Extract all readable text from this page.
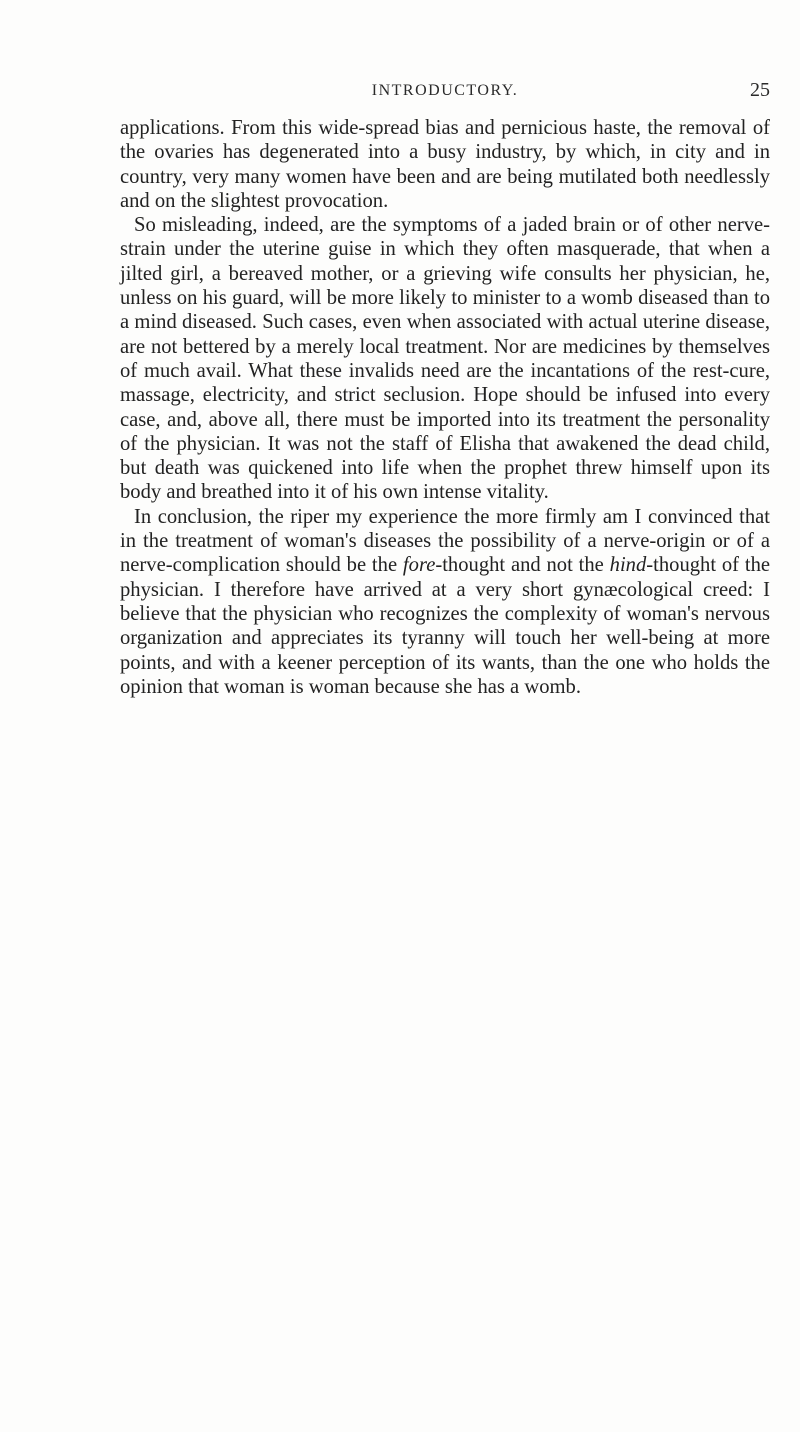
INTRODUCTORY.	25

applications. From this wide-spread bias and pernicious haste, the removal of the ovaries has degenerated into a busy industry, by which, in city and in country, very many women have been and are being mutilated both needlessly and on the slightest provocation.

So misleading, indeed, are the symptoms of a jaded brain or of other nerve-strain under the uterine guise in which they often masquerade, that when a jilted girl, a bereaved mother, or a grieving wife consults her physician, he, unless on his guard, will be more likely to minister to a womb diseased than to a mind diseased. Such cases, even when associated with actual uterine disease, are not bettered by a merely local treatment. Nor are medicines by themselves of much avail. What these invalids need are the incantations of the rest-cure, massage, electricity, and strict seclusion. Hope should be infused into every case, and, above all, there must be imported into its treatment the personality of the physician. It was not the staff of Elisha that awakened the dead child, but death was quickened into life when the prophet threw himself upon its body and breathed into it of his own intense vitality.

In conclusion, the riper my experience the more firmly am I convinced that in the treatment of woman's diseases the possibility of a nerve-origin or of a nerve-complication should be the fore-thought and not the hind-thought of the physician. I therefore have arrived at a very short gynæcological creed: I believe that the physician who recognizes the complexity of woman's nervous organization and appreciates its tyranny will touch her well-being at more points, and with a keener perception of its wants, than the one who holds the opinion that woman is woman because she has a womb.
